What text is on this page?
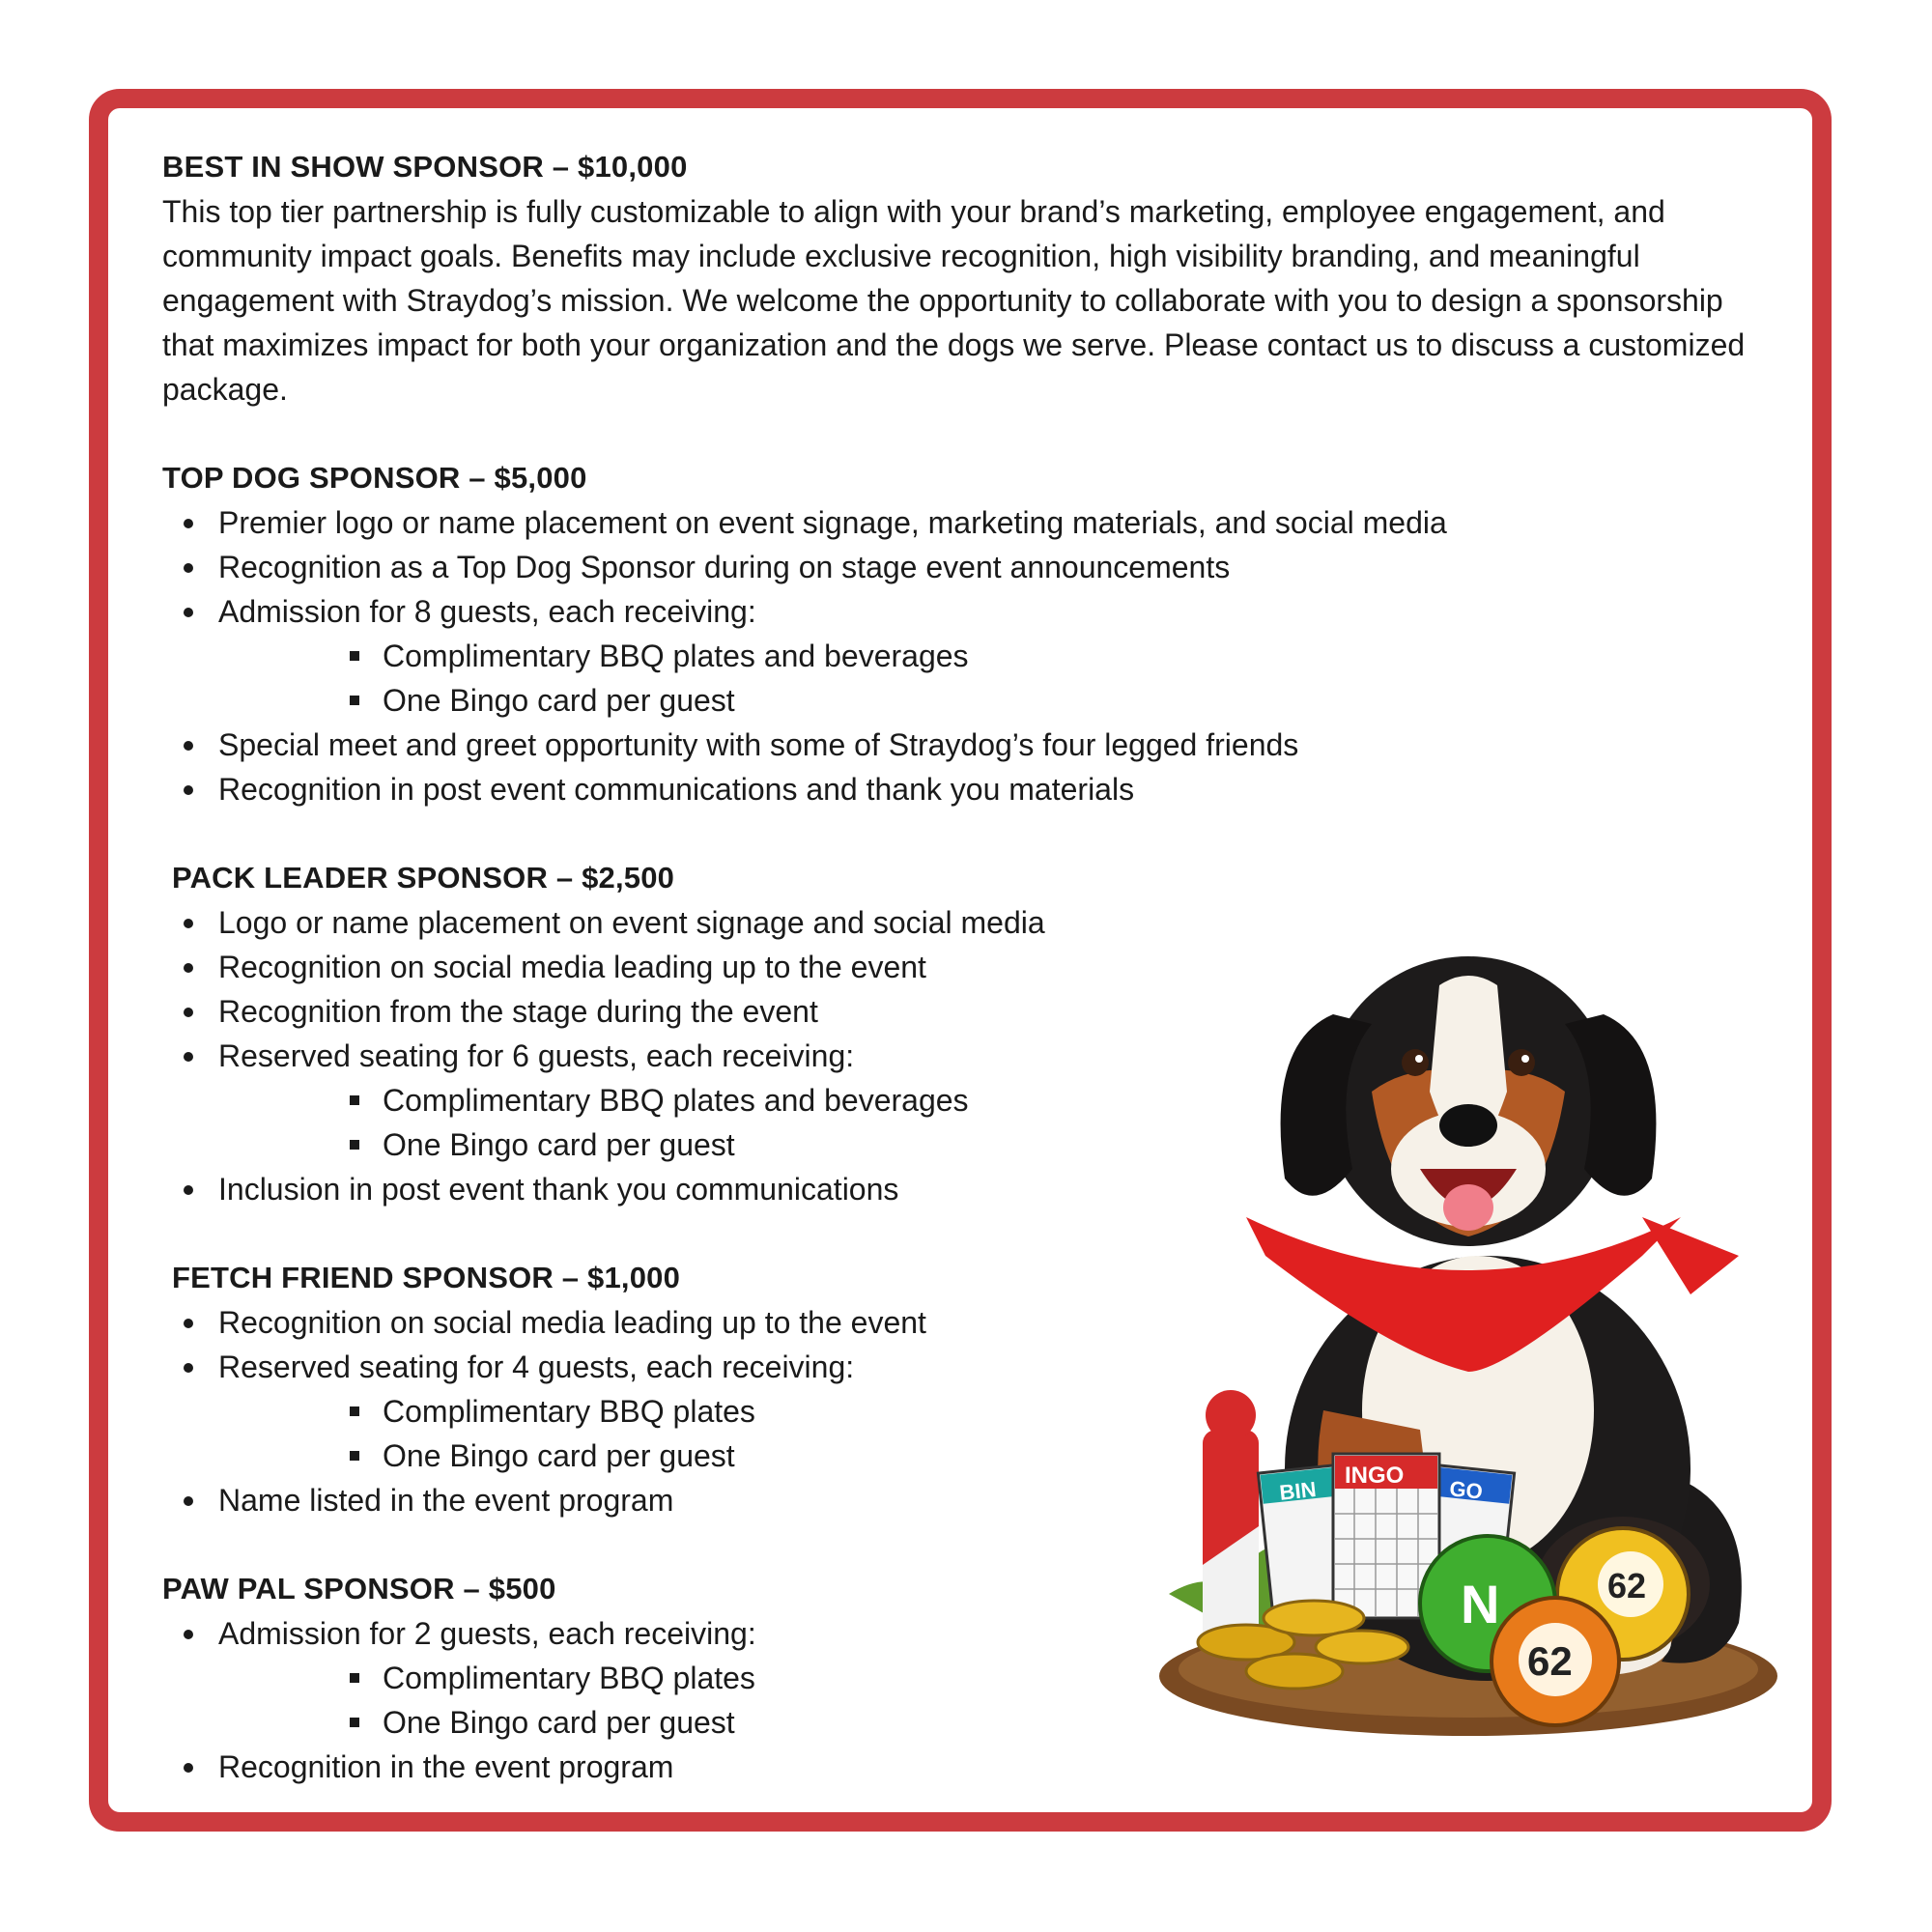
BEST IN SHOW SPONSOR – $10,000

This top tier partnership is fully customizable to align with your brand’s marketing, employee engagement, and community impact goals. Benefits may include exclusive recognition, high visibility branding, and meaningful engagement with Straydog’s mission. We welcome the opportunity to collaborate with you to design a sponsorship that maximizes impact for both your organization and the dogs we serve. Please contact us to discuss a customized package.

TOP DOG SPONSOR – $5,000
Premier logo or name placement on event signage, marketing materials, and social media
Recognition as a Top Dog Sponsor during on stage event announcements
Admission for 8 guests, each receiving:
Complimentary BBQ plates and beverages
One Bingo card per guest
Special meet and greet opportunity with some of Straydog’s four legged friends
Recognition in post event communications and thank you materials
PACK LEADER SPONSOR – $2,500
Logo or name placement on event signage and social media
Recognition on social media leading up to the event
Recognition from the stage during the event
Reserved seating for 6 guests, each receiving:
Complimentary BBQ plates and beverages
One Bingo card per guest
Inclusion in post event thank you communications
FETCH FRIEND SPONSOR – $1,000
Recognition on social media leading up to the event
Reserved seating for 4 guests, each receiving:
Complimentary BBQ plates
One Bingo card per guest
Name listed in the event program
PAW PAL SPONSOR – $500
Admission for 2 guests, each receiving:
Complimentary BBQ plates
One Bingo card per guest
Recognition in the event program
BIN	GO
INGO
62
N
62
